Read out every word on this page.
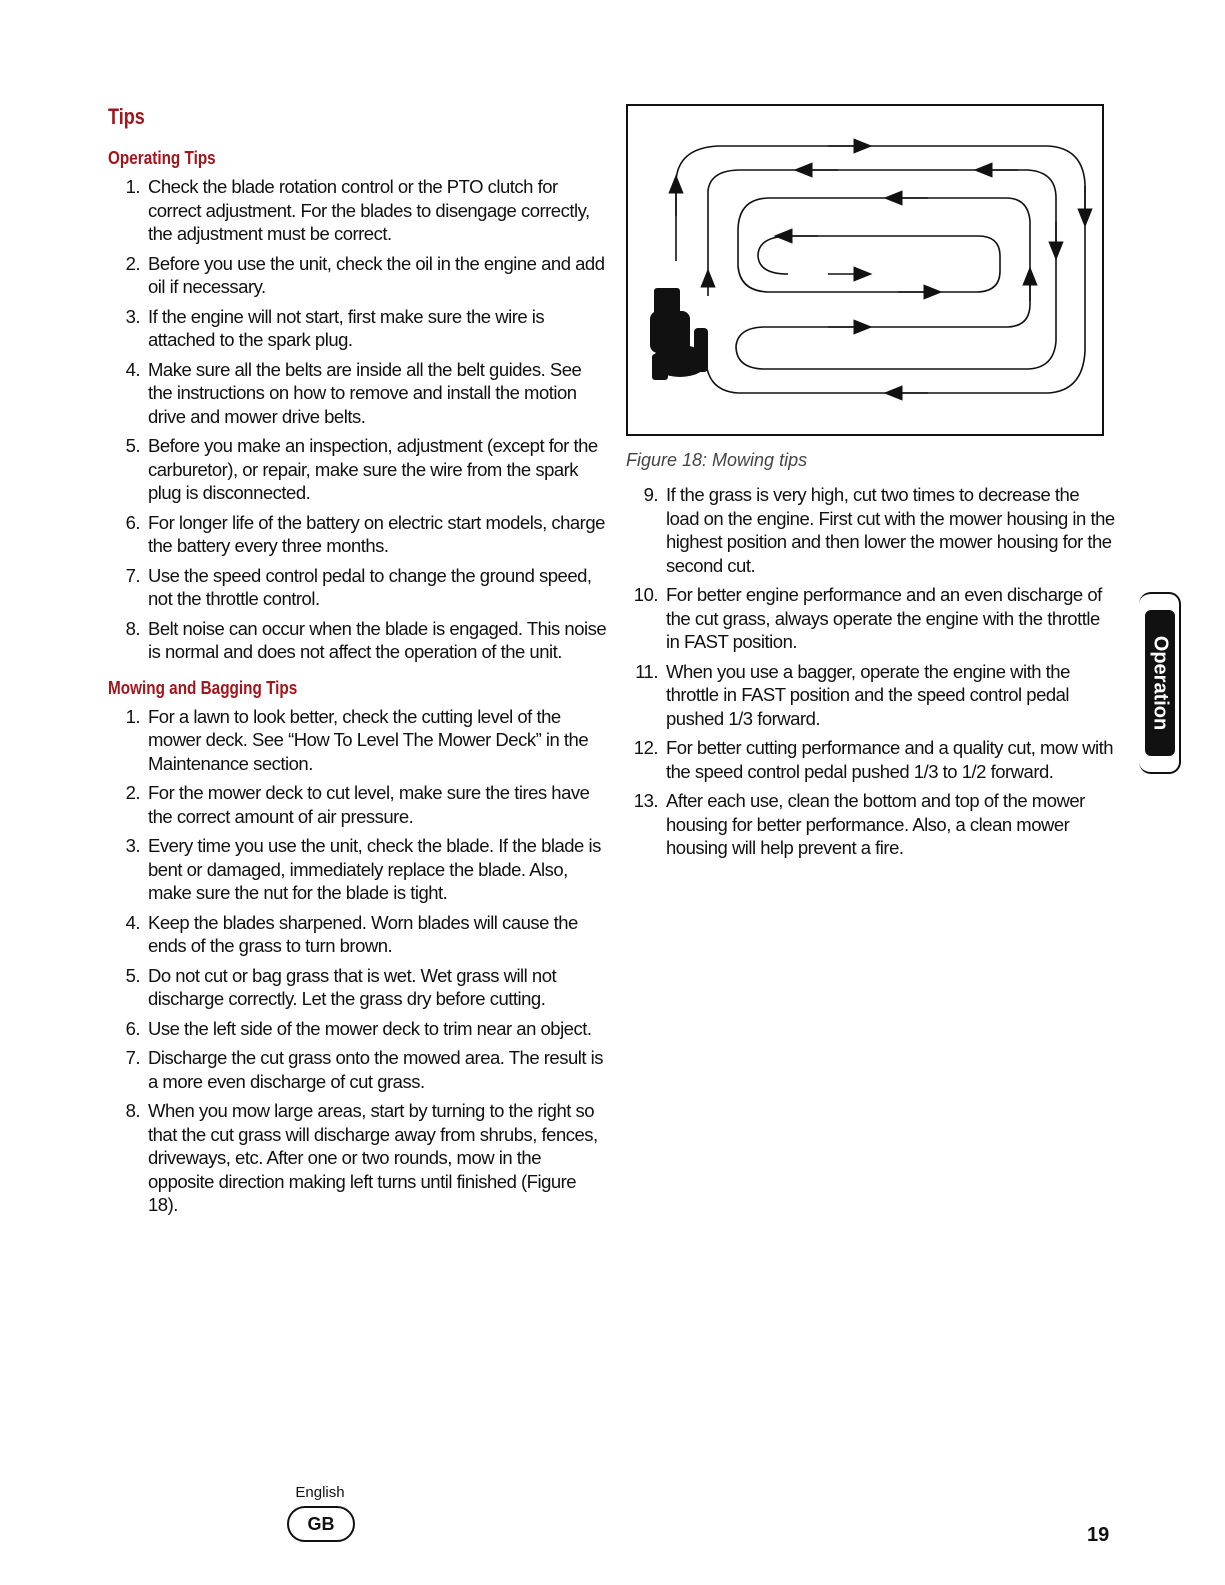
Tips
Operating Tips
1. Check the blade rotation control or the PTO clutch for correct adjustment. For the blades to disengage correctly, the adjustment must be correct.
2. Before you use the unit, check the oil in the engine and add oil if necessary.
3. If the engine will not start, first make sure the wire is attached to the spark plug.
4. Make sure all the belts are inside all the belt guides. See the instructions on how to remove and install the motion drive and mower drive belts.
5. Before you make an inspection, adjustment (except for the carburetor), or repair, make sure the wire from the spark plug is disconnected.
6. For longer life of the battery on electric start models, charge the battery every three months.
7. Use the speed control pedal to change the ground speed, not the throttle control.
8. Belt noise can occur when the blade is engaged. This noise is normal and does not affect the operation of the unit.
Mowing and Bagging Tips
1. For a lawn to look better, check the cutting level of the mower deck. See “How To Level The Mower Deck” in the Maintenance section.
2. For the mower deck to cut level, make sure the tires have the correct amount of air pressure.
3. Every time you use the unit, check the blade. If the blade is bent or damaged, immediately replace the blade. Also, make sure the nut for the blade is tight.
4. Keep the blades sharpened. Worn blades will cause the ends of the grass to turn brown.
5. Do not cut or bag grass that is wet. Wet grass will not discharge correctly. Let the grass dry before cutting.
6. Use the left side of the mower deck to trim near an object.
7. Discharge the cut grass onto the mowed area. The result is a more even discharge of cut grass.
8. When you mow large areas, start by turning to the right so that the cut grass will discharge away from shrubs, fences, driveways, etc. After one or two rounds, mow in the opposite direction making left turns until finished (Figure 18).
Figure 18: Mowing tips
9. If the grass is very high, cut two times to decrease the load on the engine. First cut with the mower housing in the highest position and then lower the mower housing for the second cut.
10. For better engine performance and an even discharge of the cut grass, always operate the engine with the throttle in FAST position.
11. When you use a bagger, operate the engine with the throttle in FAST position and the speed control pedal pushed 1/3 forward.
12. For better cutting performance and a quality cut, mow with the speed control pedal pushed 1/3 to 1/2 forward.
13. After each use, clean the bottom and top of the mower housing for better performance. Also, a clean mower housing will help prevent a fire.
Operation
English
GB	19
